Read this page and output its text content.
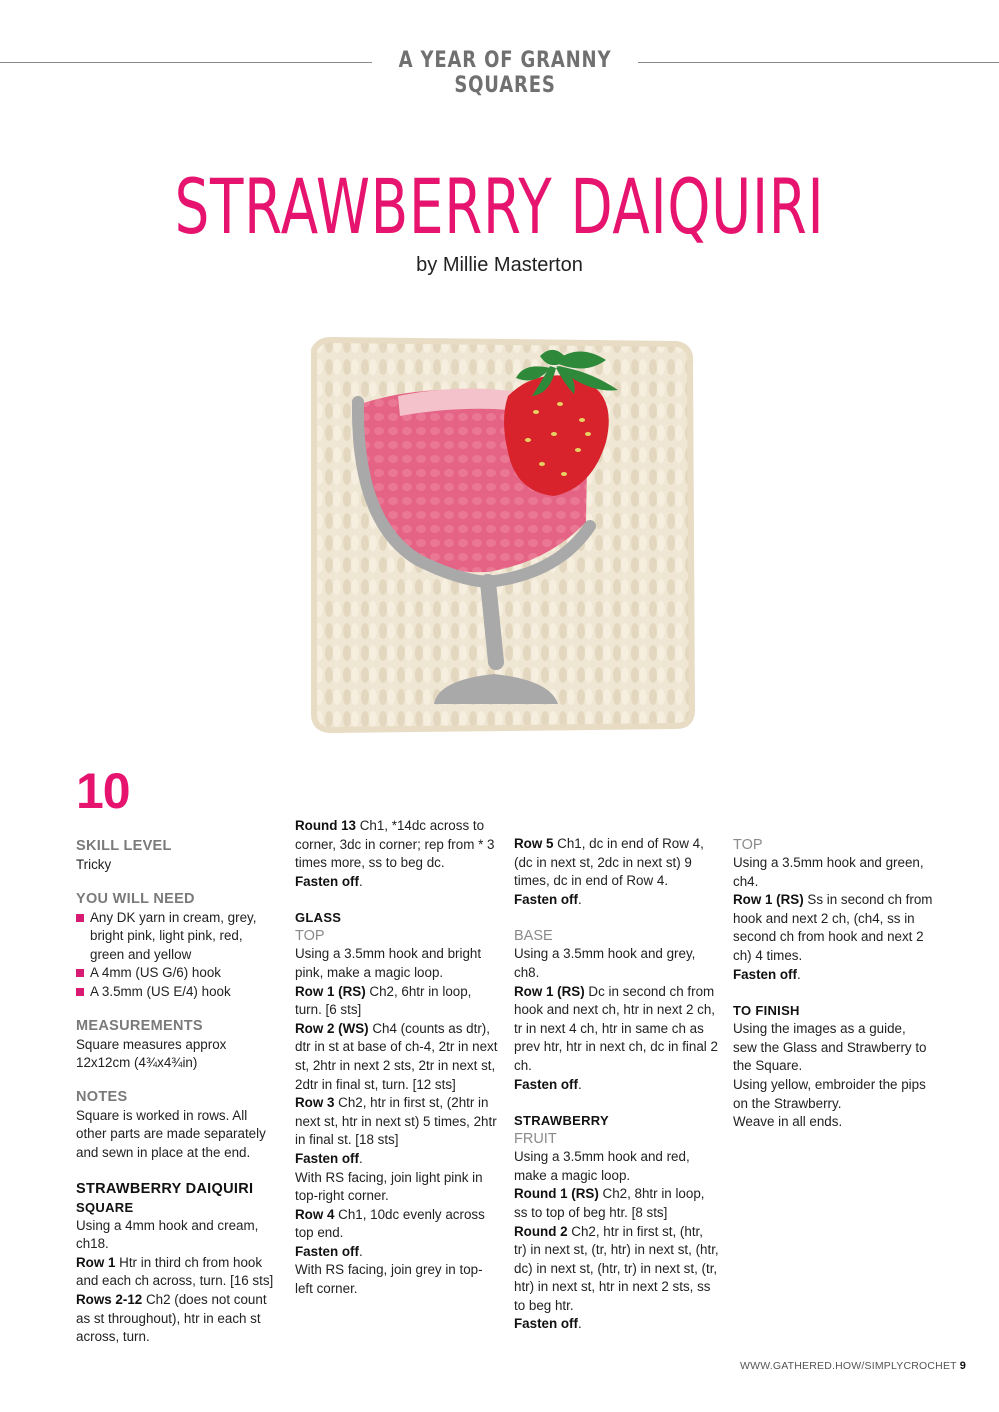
A YEAR OF GRANNY SQUARES
STRAWBERRY DAIQUIRI
by Millie Masterton
10
SKILL LEVEL
Tricky
YOU WILL NEED
Any DK yarn in cream, grey, bright pink, light pink, red, green and yellow
A 4mm (US G/6) hook
A 3.5mm (US E/4) hook
MEASUREMENTS
Square measures approx 12x12cm (4¾x4¾in)
NOTES
Square is worked in rows. All other parts are made separately and sewn in place at the end.
STRAWBERRY DAIQUIRI
SQUARE
Using a 4mm hook and cream, ch18.
Row 1 Htr in third ch from hook and each ch across, turn. [16 sts]
Rows 2-12 Ch2 (does not count as st throughout), htr in each st across, turn.
Round 13 Ch1, *14dc across to corner, 3dc in corner; rep from * 3 times more, ss to beg dc.
Fasten off.
GLASS
TOP
Using a 3.5mm hook and bright pink, make a magic loop.
Row 1 (RS) Ch2, 6htr in loop, turn. [6 sts]
Row 2 (WS) Ch4 (counts as dtr), dtr in st at base of ch-4, 2tr in next st, 2htr in next 2 sts, 2tr in next st, 2dtr in final st, turn. [12 sts]
Row 3 Ch2, htr in first st, (2htr in next st, htr in next st) 5 times, 2htr in final st. [18 sts]
Fasten off.
With RS facing, join light pink in top-right corner.
Row 4 Ch1, 10dc evenly across top end.
Fasten off.
With RS facing, join grey in top-left corner.
Row 5 Ch1, dc in end of Row 4, (dc in next st, 2dc in next st) 9 times, dc in end of Row 4.
Fasten off.
BASE
Using a 3.5mm hook and grey, ch8.
Row 1 (RS) Dc in second ch from hook and next ch, htr in next 2 ch, tr in next 4 ch, htr in same ch as prev htr, htr in next ch, dc in final 2 ch.
Fasten off.
STRAWBERRY
FRUIT
Using a 3.5mm hook and red, make a magic loop.
Round 1 (RS) Ch2, 8htr in loop, ss to top of beg htr. [8 sts]
Round 2 Ch2, htr in first st, (htr, tr) in next st, (tr, htr) in next st, (htr, dc) in next st, (htr, tr) in next st, (tr, htr) in next st, htr in next 2 sts, ss to beg htr.
Fasten off.
TOP
Using a 3.5mm hook and green, ch4.
Row 1 (RS) Ss in second ch from hook and next 2 ch, (ch4, ss in second ch from hook and next 2 ch) 4 times.
Fasten off.
TO FINISH
Using the images as a guide, sew the Glass and Strawberry to the Square.
Using yellow, embroider the pips on the Strawberry.
Weave in all ends.
WWW.GATHERED.HOW/SIMPLYCROCHET 9
